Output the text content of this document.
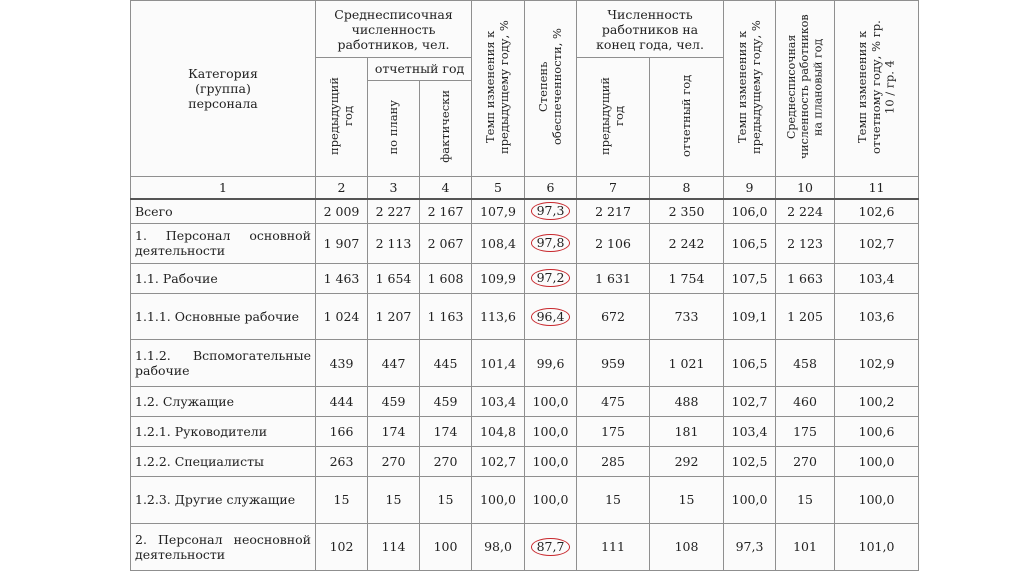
Категория (группа) персонала	Среднесписочная численность работников, чел.			Темп изменения к предыдущему году, %	Степень обеспеченности, %	Численность работников на конец года, чел.		Темп изменения к предыдущему году, %	Среднесписочная численность работников на плановый год	Темп изменения к отчетному году, % гр. 10 / гр. 4
	предыдущий год	отчетный год				предыдущий год	отчетный год			
		по плану	фактически							
1	2	3	4	5	6	7	8	9	10	11
Всего	2 009	2 227	2 167	107,9	97,3	2 217	2 350	106,0	2 224	102,6
1. Персонал основной деятельности	1 907	2 113	2 067	108,4	97,8	2 106	2 242	106,5	2 123	102,7
1.1. Рабочие	1 463	1 654	1 608	109,9	97,2	1 631	1 754	107,5	1 663	103,4
1.1.1. Основные рабочие	1 024	1 207	1 163	113,6	96,4	672	733	109,1	1 205	103,6
1.1.2. Вспомогательные рабочие	439	447	445	101,4	99,6	959	1 021	106,5	458	102,9
1.2. Служащие	444	459	459	103,4	100,0	475	488	102,7	460	100,2
1.2.1. Руководители	166	174	174	104,8	100,0	175	181	103,4	175	100,6
1.2.2. Специалисты	263	270	270	102,7	100,0	285	292	102,5	270	100,0
1.2.3. Другие служащие	15	15	15	100,0	100,0	15	15	100,0	15	100,0
2. Персонал неосновной деятельности	102	114	100	98,0	87,7	111	108	97,3	101	101,0
